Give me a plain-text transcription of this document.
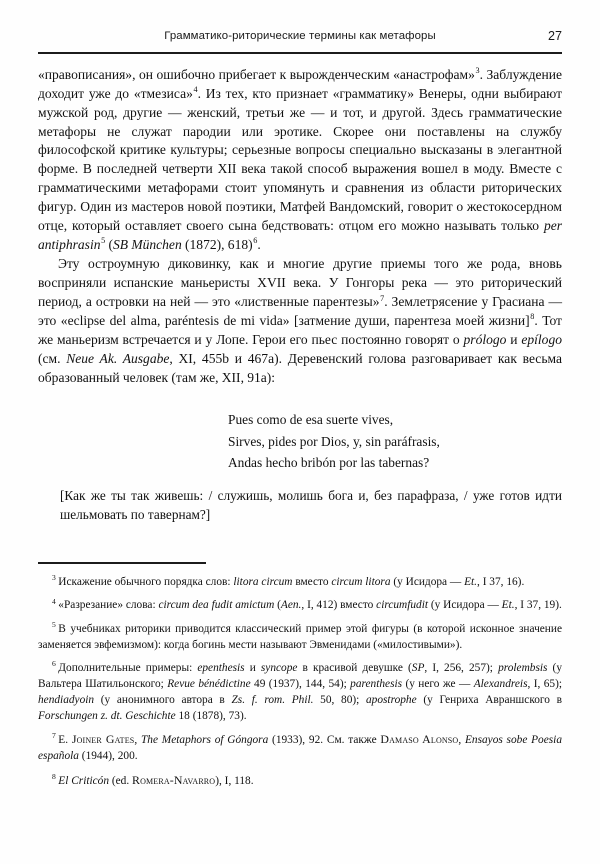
Грамматико-риторические термины как метафоры	27

«правописания», он ошибочно прибегает к вырожденческим «анастрофам»$^3$. Заблуждение доходит уже до «тмезиса»$^4$. Из тех, кто признает «грамматику» Венеры, одни выбирают мужской род, другие — женский, третьи же — и тот, и другой. Здесь грамматические метафоры не служат пародии или эротике. Скорее они поставлены на службу философской критике культуры; серьезные вопросы специально высказаны в элегантной форме. В последней четверти XII века такой способ выражения вошел в моду. Вместе с грамматическими метафорами стоит упомянуть и сравнения из области риторических фигур. Один из мастеров новой поэтики, Матфей Вандомский, говорит о жестокосердном отце, который оставляет своего сына бедствовать: отцом его можно называть только per antiphrasin$^5$ (SB München (1872), 618)$^6$.

Эту остроумную диковинку, как и многие другие приемы того же рода, вновь восприняли испанские маньеристы XVII века. У Гонгоры река — это риторический период, а островки на ней — это «лиственные парентезы»$^7$. Землетрясение у Грасиана — это «eclipse del alma, paréntesis de mi vida» [затмение души, парентеза моей жизни]$^8$. Тот же маньеризм встречается и у Лопе. Герои его пьес постоянно говорят о prólogo и epílogo (см. Neue Ak. Ausgabe, XI, 455b и 467a). Деревенский голова разговаривает как весьма образованный человек (там же, XII, 91a):

Pues como de esa suerte vives,
Sirves, pides por Dios, y, sin paráfrasis,
Andas hecho bribón por las tabernas?

[Как же ты так живешь: / служишь, молишь бога и, без парафраза, / уже готов идти шельмовать по тавернам?]

$^3$ Искажение обычного порядка слов: litora circum вместо circum litora (у Исидора — Et., I 37, 16).

$^4$ «Разрезание» слова: circum dea fudit amictum (Aen., I, 412) вместо circumfudit (у Исидора — Et., I 37, 19).

$^5$ В учебниках риторики приводится классический пример этой фигуры (в которой исконное значение заменяется эвфемизмом): когда богинь мести называют Эвменидами («милостивыми»).

$^6$ Дополнительные примеры: epenthesis и syncope в красивой девушке (SP, I, 256, 257); prolembsis (у Вальтера Шатильонского; Revue bénédictine 49 (1937), 144, 54); parenthesis (у него же — Alexandreis, I, 65); hendiadyoin (у анонимного автора в Zs. f. rom. Phil. 50, 80); apostrophe (у Генриха Авраншского в Forschungen z. dt. Geschichte 18 (1878), 73).

$^7$ E. Joiner Gates, The Metaphors of Góngora (1933), 92. См. также Damaso Alonso, Ensayos sobe Poesia española (1944), 200.

$^8$ El Criticón (ed. Romera-Navarro), I, 118.
